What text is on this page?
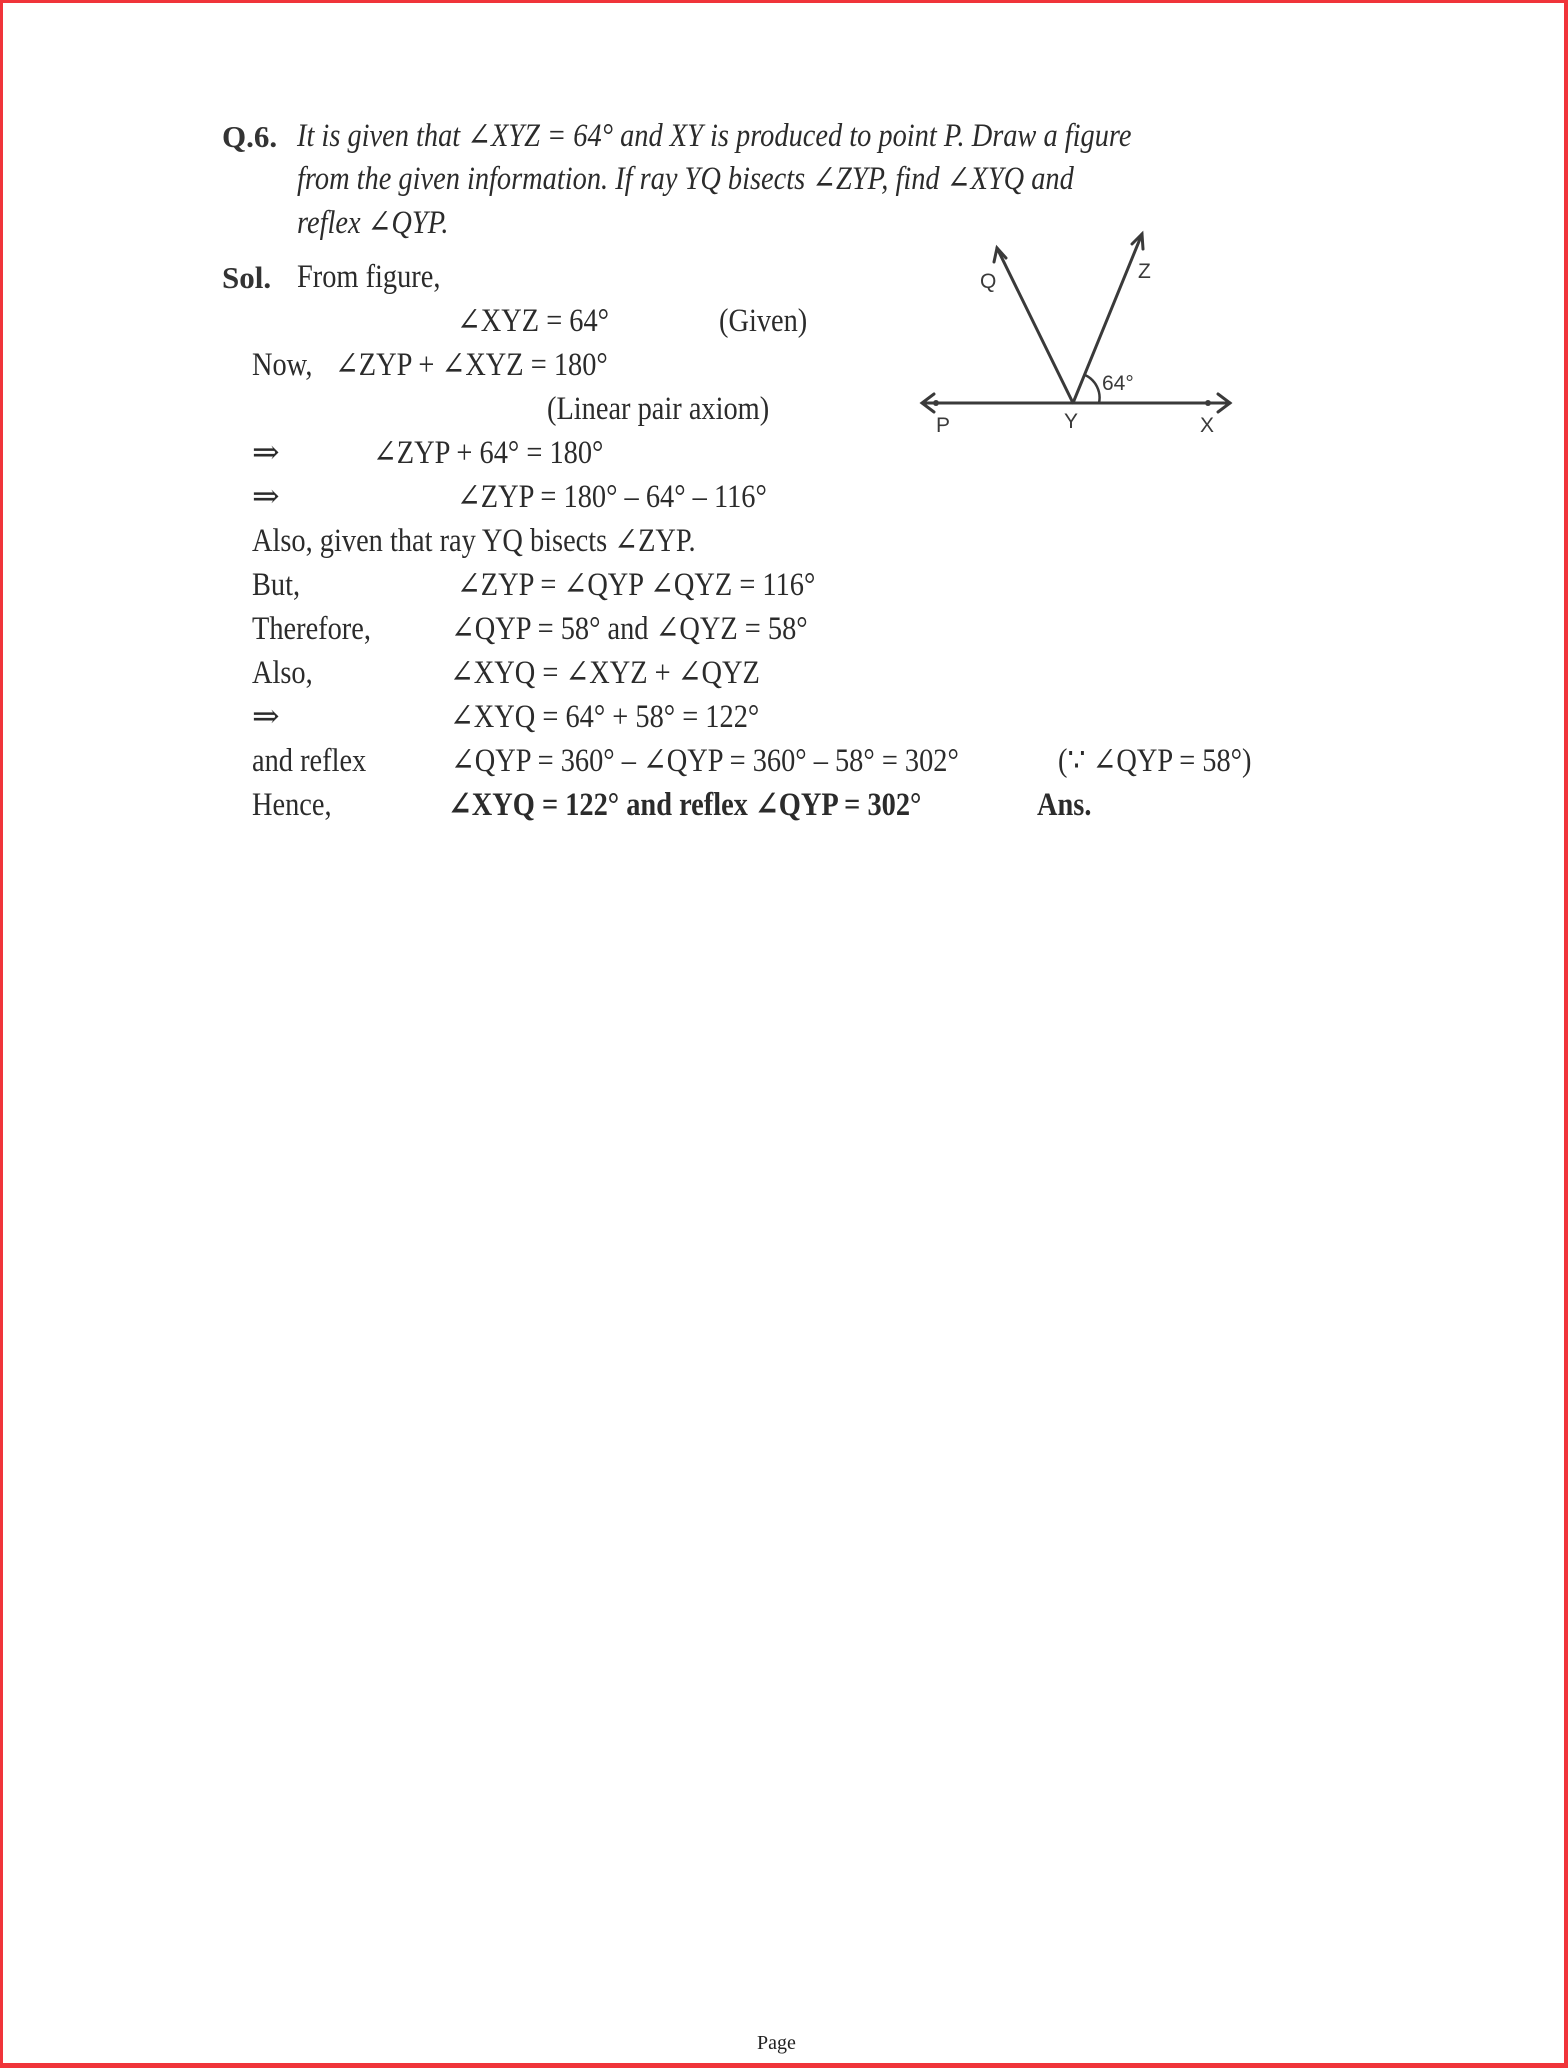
Q.6. It is given that ∠XYZ = 64° and XY is produced to point P. Draw a figure
from the given information. If ray YQ bisects ∠ZYP, find ∠XYQ and
reflex ∠QYP.
Sol. From figure,
∠XYZ = 64°	(Given)
Now, ∠ZYP + ∠XYZ = 180°
(Linear pair axiom)
⇒	∠ZYP + 64° = 180°
⇒	∠ZYP = 180° – 64° – 116°
Also, given that ray YQ bisects ∠ZYP.
But,	∠ZYP = ∠QYP ∠QYZ = 116°
Therefore, ∠QYP = 58° and ∠QYZ = 58°
Also,	∠XYQ = ∠XYZ + ∠QYZ
⇒	∠XYQ = 64° + 58° = 122°
and reflex	∠QYP = 360° – ∠QYP = 360° – 58° = 302°	(∵ ∠QYP = 58°)
Hence,	∠XYQ = 122° and reflex ∠QYP = 302°	Ans.
Q	Z
P	Y	X
64°
Page
